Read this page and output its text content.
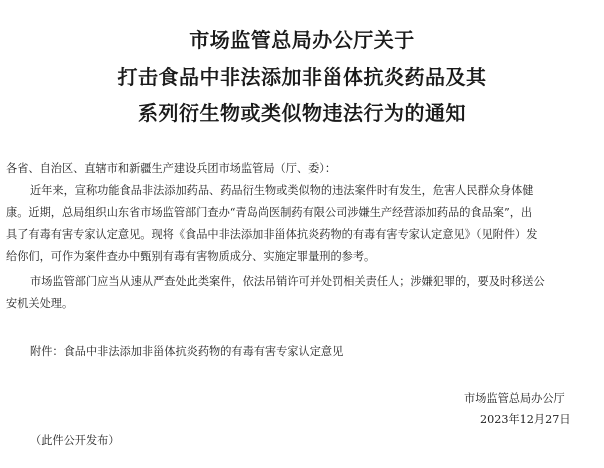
市场监管总局办公厅关于
打击食品中非法添加非甾体抗炎药品及其
系列衍生物或类似物违法行为的通知
各省、自治区、直辖市和新疆生产建设兵团市场监管局（厅、委）：
近年来，宣称功能食品非法添加药品、药品衍生物或类似物的违法案件时有发生，危害人民群众身体健
康。近期，总局组织山东省市场监管部门查办“青岛尚医制药有限公司涉嫌生产经营添加药品的食品案”，出
具了有毒有害专家认定意见。现将《食品中非法添加非甾体抗炎药物的有毒有害专家认定意见》（见附件）发
给你们，可作为案件查办中甄别有毒有害物质成分、实施定罪量刑的参考。
市场监管部门应当从速从严查处此类案件，依法吊销许可并处罚相关责任人；涉嫌犯罪的，要及时移送公
安机关处理。
附件：食品中非法添加非甾体抗炎药物的有毒有害专家认定意见
市场监管总局办公厅
2023年12月27日
（此件公开发布）
